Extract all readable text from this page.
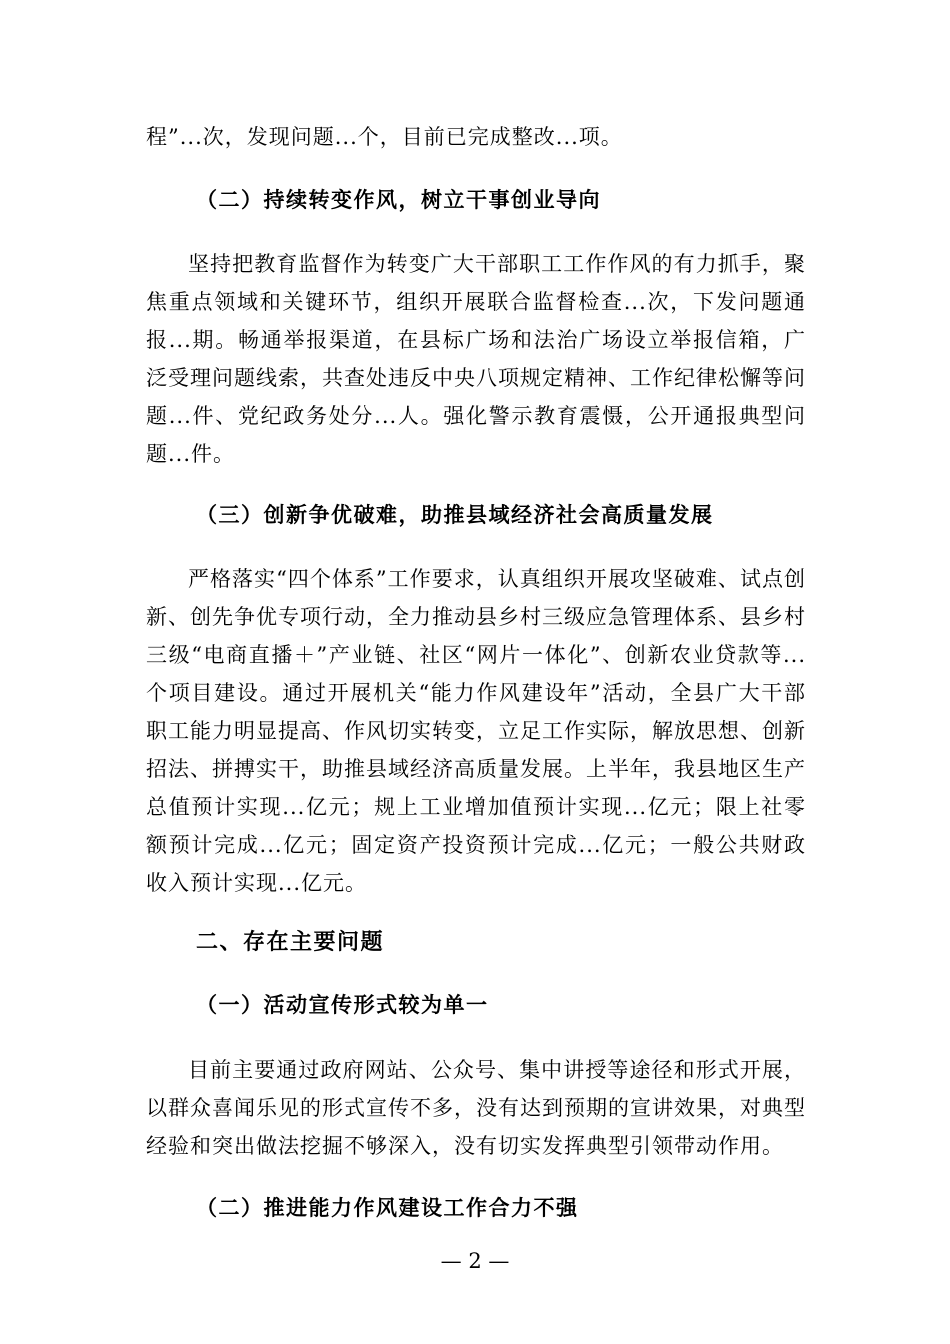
程”...次，发现问题...个，目前已完成整改...项。

（二）持续转变作风，树立干事创业导向

坚持把教育监督作为转变广大干部职工工作作风的有力抓手，聚焦重点领域和关键环节，组织开展联合监督检查...次，下发问题通报...期。畅通举报渠道，在县标广场和法治广场设立举报信箱，广泛受理问题线索，共查处违反中央八项规定精神、工作纪律松懈等问题...件、党纪政务处分...人。强化警示教育震慑，公开通报典型问题...件。

（三）创新争优破难，助推县域经济社会高质量发展

严格落实“四个体系”工作要求，认真组织开展攻坚破难、试点创新、创先争优专项行动，全力推动县乡村三级应急管理体系、县乡村三级“电商直播＋”产业链、社区“网片一体化”、创新农业贷款等...个项目建设。通过开展机关“能力作风建设年”活动，全县广大干部职工能力明显提高、作风切实转变，立足工作实际，解放思想、创新招法、拼搏实干，助推县域经济高质量发展。上半年，我县地区生产总值预计实现...亿元；规上工业增加值预计实现...亿元；限上社零额预计完成...亿元；固定资产投资预计完成...亿元；一般公共财政收入预计实现...亿元。

二、存在主要问题
（一）活动宣传形式较为单一

目前主要通过政府网站、公众号、集中讲授等途径和形式开展，以群众喜闻乐见的形式宣传不多，没有达到预期的宣讲效果，对典型经验和突出做法挖掘不够深入，没有切实发挥典型引领带动作用。

（二）推进能力作风建设工作合力不强
— 2 —
